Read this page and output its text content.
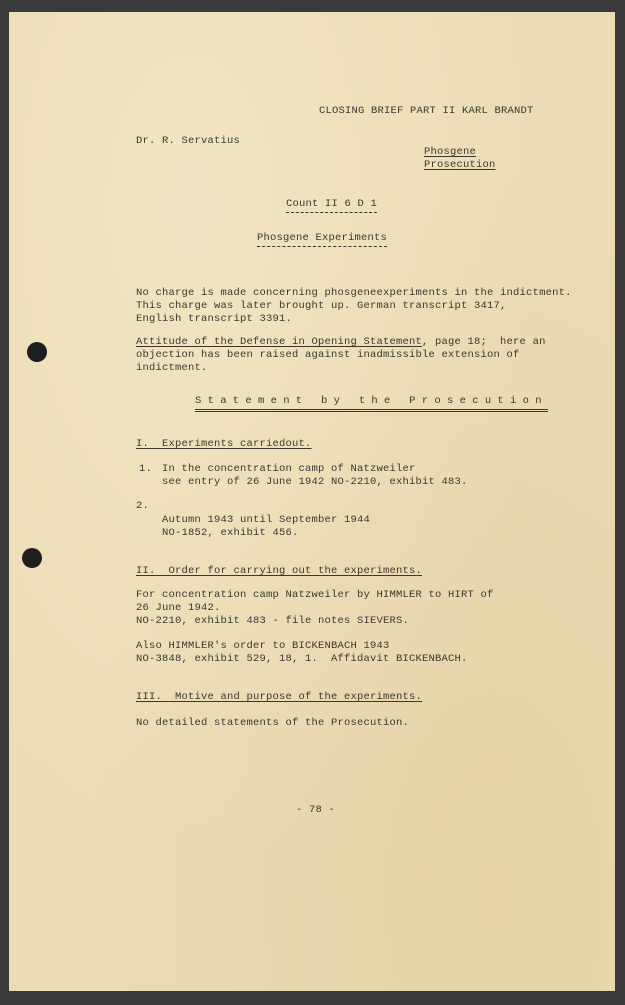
CLOSING BRIEF PART II KARL BRANDT
Dr. R. Servatius
Phosgene
Prosecution
Count II 6 D 1
Phosgene Experiments
No charge is made concerning phosgeneexperiments in the indictment.
This charge was later brought up. German transcript 3417,
English transcript 3391.
Attitude of the Defense in Opening Statement, page 18;  here an
objection has been raised against inadmissible extension of
indictment.
Statement by the Prosecution
I.  Experiments carriedout.
1. In the concentration camp of Natzweiler
see entry of 26 June 1942 NO-2210, exhibit 483.
2.
Autumn 1943 until September 1944
NO-1852, exhibit 456.
II.  Order for carrying out the experiments.
For concentration camp Natzweiler by HIMMLER to HIRT of
26 June 1942.
NO-2210, exhibit 483 - file notes SIEVERS.
Also HIMMLER's order to BICKENBACH 1943
NO-3848, exhibit 529, 18, 1.  Affidavit BICKENBACH.
III.  Motive and purpose of the experiments.
No detailed statements of the Prosecution.
- 78 -
